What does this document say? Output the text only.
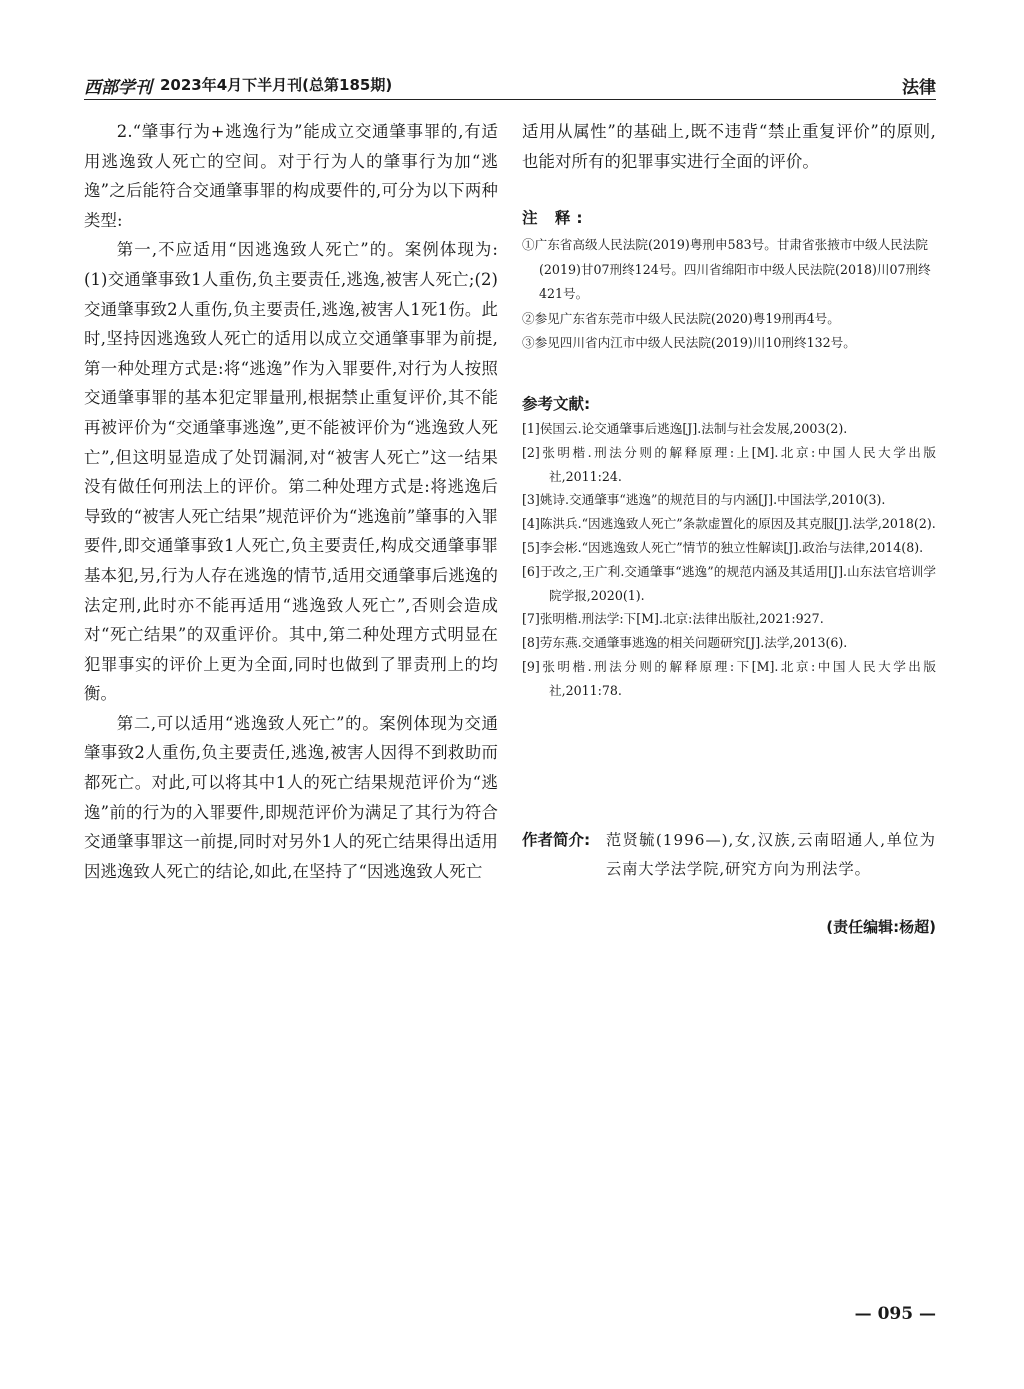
西部学刊 2023年4月下半月刊(总第185期)	法律

2.“肇事行为+逃逸行为”能成立交通肇事罪的,有适用逃逸致人死亡的空间。对于行为人的肇事行为加“逃逸”之后能符合交通肇事罪的构成要件的,可分为以下两种类型:

第一,不应适用“因逃逸致人死亡”的。案例体现为:(1)交通肇事致1人重伤,负主要责任,逃逸,被害人死亡;(2)交通肇事致2人重伤,负主要责任,逃逸,被害人1死1伤。此时,坚持因逃逸致人死亡的适用以成立交通肇事罪为前提,第一种处理方式是:将“逃逸”作为入罪要件,对行为人按照交通肇事罪的基本犯定罪量刑,根据禁止重复评价,其不能再被评价为“交通肇事逃逸”,更不能被评价为“逃逸致人死亡”,但这明显造成了处罚漏洞,对“被害人死亡”这一结果没有做任何刑法上的评价。第二种处理方式是:将逃逸后导致的“被害人死亡结果”规范评价为“逃逸前”肇事的入罪要件,即交通肇事致1人死亡,负主要责任,构成交通肇事罪基本犯,另,行为人存在逃逸的情节,适用交通肇事后逃逸的法定刑,此时亦不能再适用“逃逸致人死亡”,否则会造成对“死亡结果”的双重评价。其中,第二种处理方式明显在犯罪事实的评价上更为全面,同时也做到了罪责刑上的均衡。

第二,可以适用“逃逸致人死亡”的。案例体现为交通肇事致2人重伤,负主要责任,逃逸,被害人因得不到救助而都死亡。对此,可以将其中1人的死亡结果规范评价为“逃逸”前的行为的入罪要件,即规范评价为满足了其行为符合交通肇事罪这一前提,同时对另外1人的死亡结果得出适用因逃逸致人死亡的结论,如此,在坚持了“因逃逸致人死亡

适用从属性”的基础上,既不违背“禁止重复评价”的原则,也能对所有的犯罪事实进行全面的评价。

注 释:
①广东省高级人民法院(2019)粤刑申583号。甘肃省张掖市中级人民法院(2019)甘07刑终124号。四川省绵阳市中级人民法院(2018)川07刑终421号。
②参见广东省东莞市中级人民法院(2020)粤19刑再4号。
③参见四川省内江市中级人民法院(2019)川10刑终132号。
参考文献:
[1]侯国云.论交通肇事后逃逸[J].法制与社会发展,2003(2).
[2]张明楷.刑法分则的解释原理:上[M].北京:中国人民大学出版社,2011:24.
[3]姚诗.交通肇事“逃逸”的规范目的与内涵[J].中国法学,2010(3).
[4]陈洪兵.“因逃逸致人死亡”条款虚置化的原因及其克服[J].法学,2018(2).
[5]李会彬.“因逃逸致人死亡”情节的独立性解读[J].政治与法律,2014(8).
[6]于改之,王广利.交通肇事“逃逸”的规范内涵及其适用[J].山东法官培训学院学报,2020(1).
[7]张明楷.刑法学:下[M].北京:法律出版社,2021:927.
[8]劳东燕.交通肇事逃逸的相关问题研究[J].法学,2013(6).
[9]张明楷.刑法分则的解释原理:下[M].北京:中国人民大学出版社,2011:78.
作者简介: 范贤毓(1996—),女,汉族,云南昭通人,单位为云南大学法学院,研究方向为刑法学。
(责任编辑:杨超)
— 095 —
